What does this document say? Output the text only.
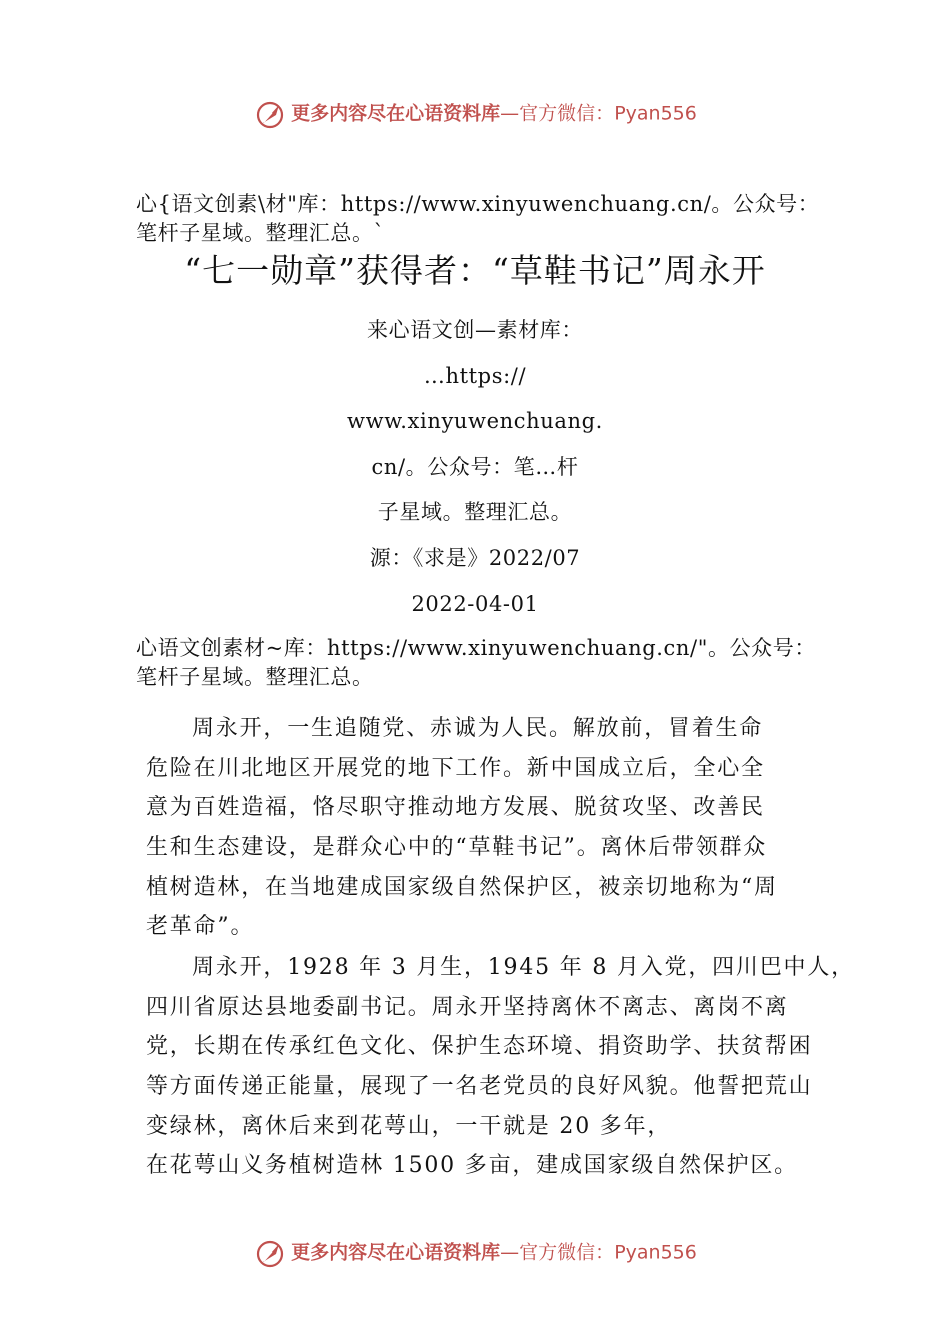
更多内容尽在心语资料库—官方微信：Pyan556
心{语文创素\材"库：https://www.xinyuwenchuang.cn/。公众号：笔杆子星域。整理汇总。`
“七一勋章”获得者：“草鞋书记”周永开
来心语文创—素材库：
…https://
www.xinyuwenchuang.
cn/。公众号：笔…杆
子星域。整理汇总。
源：《求是》2022/07
2022-04-01
心语文创素材~库：https://www.xinyuwenchuang.cn/"。公众号：笔杆子星域。整理汇总。
周永开，一生追随党、赤诚为人民。解放前，冒着生命
危险在川北地区开展党的地下工作。新中国成立后，全心全
意为百姓造福，恪尽职守推动地方发展、脱贫攻坚、改善民
生和生态建设，是群众心中的“草鞋书记”。离休后带领群众
植树造林，在当地建成国家级自然保护区，被亲切地称为“周
老革命”。
周永开，1928 年 3 月生，1945 年 8 月入党，四川巴中人，
四川省原达县地委副书记。周永开坚持离休不离志、离岗不离
党，长期在传承红色文化、保护生态环境、捐资助学、扶贫帮困
等方面传递正能量，展现了一名老党员的良好风貌。他誓把荒山
变绿林，离休后来到花萼山，一干就是 20 多年，
在花萼山义务植树造林 1500 多亩，建成国家级自然保护区。
更多内容尽在心语资料库—官方微信：Pyan556
